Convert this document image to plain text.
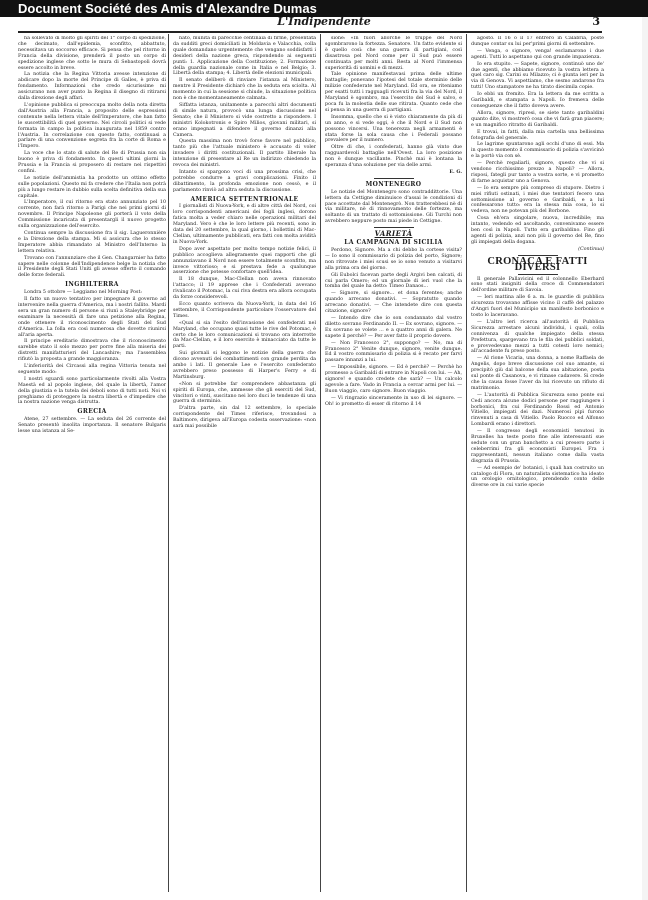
Document Société des Amis d'Alexandre Dumas
L'Indipendente	3

ha sollevato di molto gli spiriti del 1° corpo di spedizione, che decimato, dall'epidemia, sconfitto, abbattuto, necessitava un soccorso efficace. Si pensa che pel ritorno in Francia della divisione, prenderà il posto un corpo di spedizione inglese che sotto le mura di Sebastopoli dovrà essere accolto in breve.

La notizia che la Regina Vittoria avesse intenzione di abdicare dopo la morte del Principe di Galles, è priva di fondamento. Informazioni che credo sicurissime mi assicurano non aver punto la Regina il disegno di ritirarsi dalla direzione degli affari.

L'opinione pubblica si preoccupa molto della nota diretta dall'Austria alla Francia, a proposito delle espressioni contenute nella lettera vitale dell'Imperatore, che han fatto le suscettibilità di quel governo. Nei circoli politici si vede formata in campo la politica inaugurata nel 1859 contro l'Austria. In correlazione con questo fatto, continuasi a parlare di una convenzione segreta fra la corte di Roma e l'Impero.

La voce che lo stato di salute del Re di Prussia non sia buono è priva di fondamento. In questi ultimi giorni la Prussia e la Francia si proposero di restare nei rispettivi confini.

Le notizie dell'ammistia ha prodotto un ottimo effetto sulle popolazioni. Questo mi fa credere che l'Italia non potrà più a lungo restare in dubbio sulla scelta definitiva della sua capitale.

L'Imperatore, il cui ritorno era stato annunziato pel 10 corrente, non farà ritorno a Parigi che nei primi giorni di novembre. Il Principe Napoleone gli porterà il voto della Commissione incaricata di presentargli il nuovo progetto sulla organizzazione dell'esercito.

Continua sempre la discussione fra il sig. Lagueronnière e la Direzione della stampa. Mi si assicura che lo stesso Imperatore abbia rimandato al Ministro dell'Interno la lettera relativa.

Trovano con l'annunziare che il Gen. Changarnier ha fatto sapere nelle colonne dell'Indipendence belge la notizia che il Presidente degli Stati Uniti gli avesse offerto il comando delle forze federali.

INGHILTERRA

Londra 5 ottobre — Leggiamo nel Morning Post:

Il fatto un nuovo tentativo per impegnare il governo ad intervenire nella guerra d'America, ma i nostri fallito. Mardi sera un gran numero di persone si riunì a Staleybridge per esaminare la necessità di fare una petizione alla Regina, onde ottenere il riconoscimento degli Stati del Sud d'America. La folla era così numerosa che dovette riunirsi all'aria aperta.

Il principe ereditario dimostrava che il riconoscimento sarebbe stato il solo mezzo per porre fine alla miseria dei distretti manifatturieri del Lancashire; ma l'assemblea rifiutò la proposta a grande maggioranza.

L'inferiorità dei Circassi alla regina Vittoria tenuta nel seguente modo:

I nostri sguardi sono particolarmente rivolti alla Vostra Maestà ed al popolo inglese, del quale la libertà, l'amor della giustizia e la tutela dei deboli sono di tutti noti. Noi vi preghiamo di proteggere la nostra libertà e d'impedire che la nostra nazione venga distrutta.

GRECIA

Atene, 27 settembre. — La seduta del 26 corrente del Senato presentò insolita importanza. Il senatore Bulgaris lesse una istanza al Se-

nato, munita di parecchie centinaia di firme, presentata da sudditi greci domiciliati in Moldavia e Valacchia, colla quale domandano urgentemente che vengano soddisfatti i desideri della nazione greca, rispondendo ai seguenti punti: 1. Applicazione della Costituzione; 2. Formazione della guardia nazionale come in Italia e nel Belgio; 3. Libertà della stampa; 4. Libertà delle elezioni municipali.

Il senato deliberò di rinviare l'istanza al Ministero, mentre il Presidente dichiarò che la seduta era sciolta. Al momento in cui la sessione si chiude, la situazione politica non è che momentaneamente calmata.

Siffatta istanza, unitamente a parecchi altri documenti di simile natura, provocò una lunga discussione nel Senato; che il Ministero si vide costretto a rispondere. I ministri Kolokotronis e Spiro Milios, giovani militari, si erano impegnati a difendere il governo dinanzi alla Camera.

Questa massima non trovò forse favore nel pubblico, tanto più che l'attuale ministero è accusato di voler invadere i diritti costituzionali. Il partito liberale ha intenzione di presentare al Re un indirizzo chiedendo la revoca dei ministri.

Intanto si spargono voci di una prossima crisi, che potrebbe condurre a gravi complicazioni. Finito il dibattimento, la profonda emozione non cessò, e il parlamento rinviò ad altra seduta la discussione.

AMERICA SETTENTRIONALE

I giornalisti di Nuova-York, e di altre città del Nord, coi loro corrispondenti americani dei fogli inglesi, dorono fatica molta a veder chiaro nelle operazioni militari del Maryland. Vero è che le loro lettere più recenti, sono in data del 20 settembre, la qual giorno, i bollettini di Mac-Clellan, ultimamente pubblicati, era fatti con molta avidità in Nuova-York.

Dopo aver aspettato per molto tempo notizie felici, il pubblico accoglieva allegramente quei rapporti che gli annunziavano il Nord non essere totalmente sconfitto, ma invece vittorioso; e si prestava fede a qualunque asserzione che potesse confortare quell'idea.

Il 18 dunque, Mac-Clellan non aveva rinnovato l'attacco; il 19 apprese che i Confederati avevano rivalicato il Potomac, la cui riva destra era allora occupata da forze considerevoli.

Ecco quanto scriveva da Nuova-York, in data del 16 settembre, il Corrispondente particolare l'osservatore del Times.

«Qual si sia l'esito dell'invasione dei confederati nel Maryland, che occupano quasi tutte le rive del Potomac, è certo che le loro comunicazioni si trovano ora interrotte da Mac-Clellan, e il loro esercito è minacciato da tutte le parti.

Sui giornali si leggono le notizie della guerra che dicono avvenuti dei combattimenti con grande perdita da ambo i lati. Il generale Lee e l'esercito confederato avrebbero preso possesso di Harper's Ferry e di Martinsburg.

«Non si potrebbe far comprendere abbastanza gli spiriti di Europa, che, ammesse che gli eserciti del Sud, vincitori o vinti, suscitano nei loro duci le tendenze di una guerra di sterminio.

D'altra parte, sin dal 12 settembre, lo speciale corrispondente del Times riferisce, trovandosi a Baltimore, dirigeva all'Europa codesta osservazione: «non sarà mai possibile

sione: «In fuori allorché le truppe del Nord sgombrarono la fortezza. Senatore. Un fatto evidente si è quello così: che una guerra di partigiani, così disastrosa pel Nord come per il Sud può essere continuata per molti anni. Resta al Nord l'immensa superiorità di uomini e di mezzi.

Tale opinione manifestavasi prima delle ultime battaglie; ponevano l'ipotesi del totale sterminio delle milizie confederate nel Maryland. Ed ora, se riteniamo per esatti tutti i ragguagli ricevuti fra la via del Nord, il Maryland è sgombro, ma l'esercito del Sud è salvo, e poca fu la molestia delle sue ritirata. Quanto cede che si pensa in una guerra di partigiani.

Insomma, quello che si è visto chiaramente da più di un anno, e si vede oggi, è che il Nord e il Sud non possono vincersi. Una tenerezza negli armamenti è stata forse la sola causa che i Federali possano prevalere per il numero.

Oltre di che, i confederati, hanno già vinto due ragguardevoli battaglie nell'Ovest. La loro posizione non è dunque vacillante. Pinchè mai è lontana la speranza d'una soluzione per via delle armi.

E. G.

MONTENEGRO

Le notizie del Montenegro sono contraddittorie. Una lettera da Cettigne diminuisce d'assai le condizioni di pace accettate dal Montenegrò. Non tratterebbesi nè di via militare, nè di rinnovamento delle fortezze, ma soltanto di un trattato di sottomissione. Gli Turchi non avrebbero neppure posto mai piede in Cettigne.

VARIETÀ

LA CAMPAGNA DI SICILIA

Perdono, Signore. Ma a chi debbo la cortese visita? — Io sono il commissario di polizia del porto, Signore; non ritrovate i miei scusi se io sono venuto a visitarvi alla prima ora del giorno.

Gli Eubolci facevan parte degli Argivi ben calcati, di cui parla Omero; ed un giornale di ieri vuol che la tomba del quale ha detto: Timeo Danaos...

— Signore, si signore... et dona ferentes; anche quando arrecano donativi. — Sopratutto quando arrecano donativi. — Che intendete dire con questa citazione, signore?

— Intendo dire che io son condannato dal vostro diletto sovrano Ferdinando II. — Ex sovrano, signore. — Ex sovrano se volete ... e a quattro anni di galera. Ne sapete il perchè? — Per aver fatto il proprio dovere.

— Non Francesco 2°, suppongo? — No, ma di Francesco 2° Venite dunque, signore, venite dunque. Ed il vostro commissario di polizia si è recato per farvi passare innanzi a lui.

— Impossibile, signore. — Ed è perchè? — Perchè ho promesso a Garibaldi di entrare in Napoli con lui. — Ah, signore! e quando credete che sarà? — Un calcolo agevole a fare. Vado in Francia a cercar armi per lui. — Buon viaggio, caro signore. Buon viaggio.

— Vi ringrazio sinceramente in uso di lei signore. — Oh! io prometto di esser di ritorno il 14

agosto. Il 16 o il 17 entrerò in Calabria, poste dunque contar su lui per'primi giorni di settembre.

— Venga, o signore, venga! esclamarono i due agenti. Tutti lo aspettano qui con grande impazienza.

Io era stupito. — Sapete, signore, continuò uno de' due agenti, che abbiamo ricevuto la vostra lettera a quel caro sig. Carini su Milazzo; ci è giunta ieri per la via di Genova. Vi aspettiamo, che sesmo andarono fra tutti! Uno stampatore ne ha tirato diecimila copie.

Io ebbi un fremito. Era la lettera da me scritta a Garibaldi, e stampata a Napoli. Io fremeva delle conseguenze che il fatto doveva avere.

Allora, signore, ripresi, se siete tanto garibaldini quanto dite, vi mostrerò cosa che vi farà gran piacere; e un magnifico ritratto di Garibaldi.

E trovai, in fatti, dalla mia cartella una bellissima fotografia del generale.

Le lagrime spuntarono agli occhi d'uno di essi. Ma in questo momento il commissario di polizia s'avvicinò e la portò via con sè.

— Perchè regaliarli, signore, questo che vi si vendono ricchissimo prezzo a Napoli? — Allora, risposi, fategli pur tanto a vostra sorte, e vi prometto di farne acquistar uno a Genova.

— Io era sempre più compreso di stupore. Dietro i miei rifiuti ostinati, i miei due tentatori fecero una sottomissione al governo e Garibaldi, e a lui confessarono tutto: era la stessa mia cosa, lo si vedeva, non ne potevan più del Borbone.

Cosa eh'era singolare, nuova, incredibile; ma intanto, vedendo ed ascoltando, convenivamo essere ben così in Napoli. Tutto era garibaldino. Fino gli agenti di polizia, anzi non più il governo del Re, fino gli impiegati della dogana.

(Continua)

CRONACA E FATTI DIVERSI

Il generale Pallavicini ed il colonnello Eberhard sono stati insigniti della croce di Commendatori dell'ordine militare di Savoia.

— Ieri mattina alle 6 a. m. le guardie di pubblica sicurezza trovavano affisse vicino il caffè del palazzo d'Angri fuori del Municipio un manifesto borbonico e tosto lo laceravano.

— L'altro ieri ricerca all'autorità di Pubblica Sicurezza arrestare alcuni individui, i quali, colla connivenza di qualche impiegato della stessa Prefettura, spargevano tra le fila dei pubblici soldati, e provvedevano mezzi a tutti cotesti loro nemici; all'accadente fu preso posto.

— Al rione Vicaria, una donna, a nome Raffaela de Angelis, dopo breve discussione col suo amante, si precipitò giù dal balcone della sua abitazione, posta sul ponte di Casanova, e vi rimase cadavere. Si crede che la causa fosse l'aver da lui ricevuto un rifiuto di matrimonio.

— L'autorità di Pubblica Sicurezza sono ponte sui Cedi ancora alcune dodici persone per raggiungere i borbonici, fra cui Ferdinando Rossi ed Antonio Vitiello, impiegati dei dazi. Numerosi pipì furono rinvenuti a casa di Vitiello. Paolo Ruocco ed Alfonso Lombardi erano i direttori.

— Il congresso degli economisti tenutosi in Bruxelles ha teste posto fine alle interessanti sue sedute con un gran banchetto a cui presero parte i celeberrimi fra gli economisti Europei. Fra i rappresentanti, nessun italiano come dalla vasta disgrazia di Prussia.

— Ad esempio de' botanici, i quali han costruito un catalogo di Flora, un naturalista sistematico ha ideato un orologio ornitologico, prendendo conto delle diverse ore in cui varie specie
